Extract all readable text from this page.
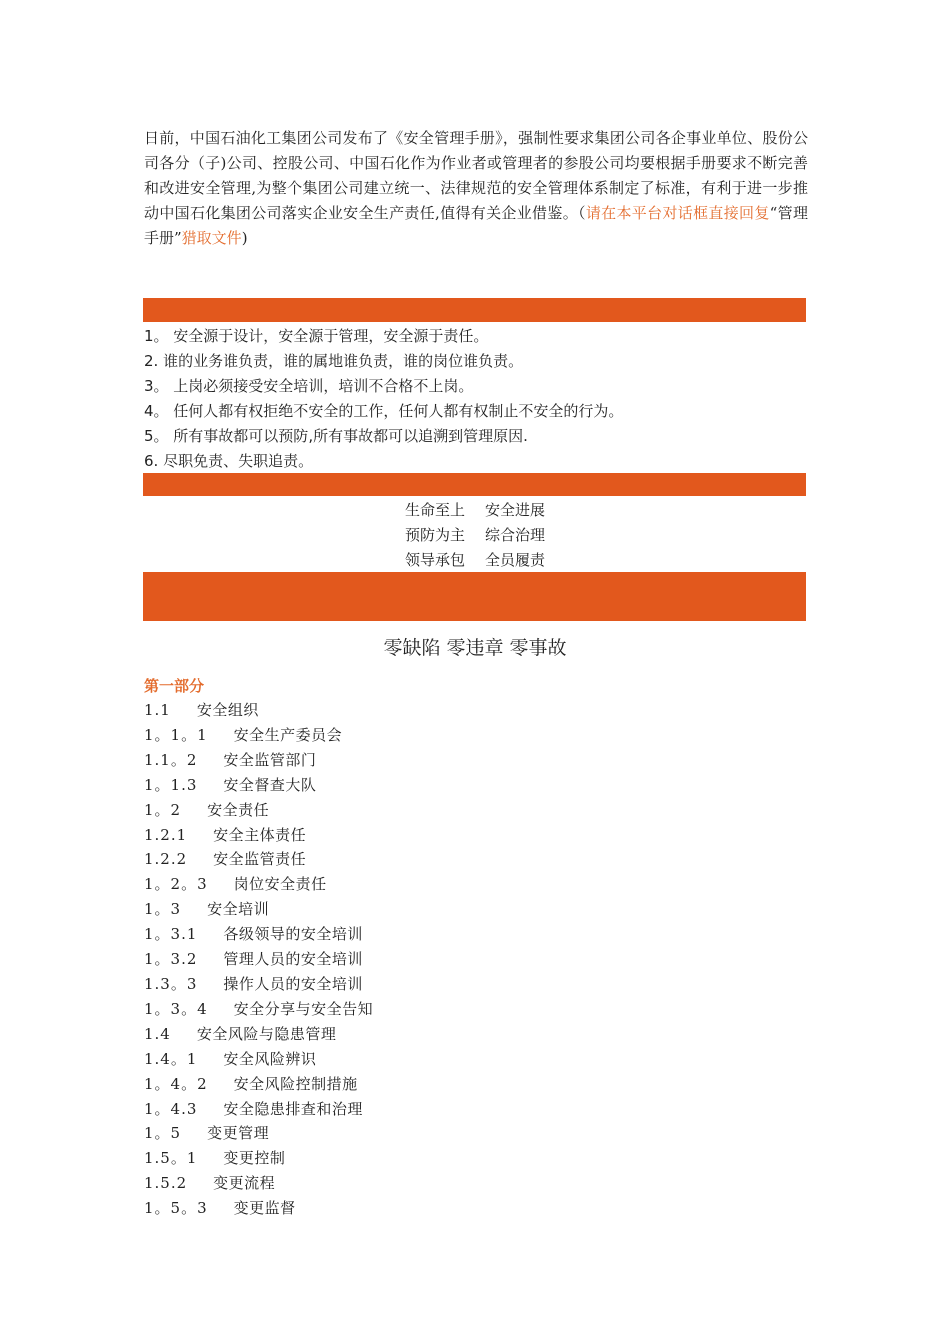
日前，中国石油化工集团公司发布了《安全管理手册》，强制性要求集团公司各企事业单位、股份公司各分（子)公司、控股公司、中国石化作为作业者或管理者的参股公司均要根据手册要求不断完善和改进安全管理,为整个集团公司建立统一、法律规范的安全管理体系制定了标准，有利于进一步推动中国石化集团公司落实企业安全生产责任,值得有关企业借鉴。（请在本平台对话框直接回复“管理手册”猎取文件)
1。 安全源于设计，安全源于管理，安全源于责任。
2. 谁的业务谁负责，谁的属地谁负责，谁的岗位谁负责。
3。 上岗必须接受安全培训，培训不合格不上岗。
4。 任何人都有权拒绝不安全的工作，任何人都有权制止不安全的行为。
5。 所有事故都可以预防,所有事故都可以追溯到管理原因.
6. 尽职免责、失职追责。
生命至上 安全进展
预防为主 综合治理
领导承包 全员履责
零缺陷 零违章 零事故
第一部分
1.1	安全组织
1。1。1	安全生产委员会
1.1。2	安全监管部门
1。1.3	安全督查大队
1。2	安全责任
1.2.1	安全主体责任
1.2.2	安全监管责任
1。2。3	岗位安全责任
1。3	安全培训
1。3.1	各级领导的安全培训
1。3.2	管理人员的安全培训
1.3。3	操作人员的安全培训
1。3。4	安全分享与安全告知
1.4	安全风险与隐患管理
1.4。1	安全风险辨识
1。4。2	安全风险控制措施
1。4.3	安全隐患排查和治理
1。5	变更管理
1.5。1	变更控制
1.5.2	变更流程
1。5。3	变更监督
